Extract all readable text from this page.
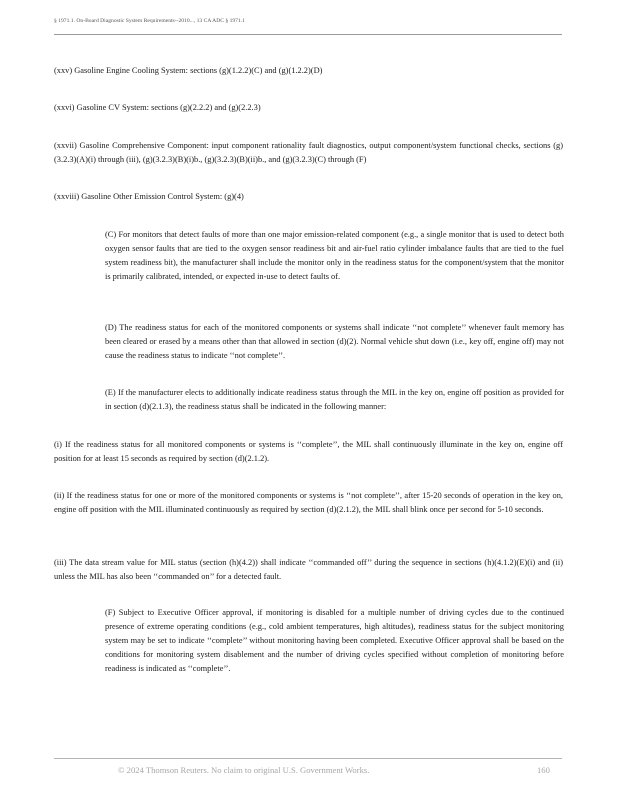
§ 1971.1. On-Board Diagnostic System Requirements--2010..., 13 CA ADC § 1971.1

(xxv) Gasoline Engine Cooling System: sections (g)(1.2.2)(C) and (g)(1.2.2)(D)

(xxvi) Gasoline CV System: sections (g)(2.2.2) and (g)(2.2.3)

(xxvii) Gasoline Comprehensive Component: input component rationality fault diagnostics, output component/system functional checks, sections (g)(3.2.3)(A)(i) through (iii), (g)(3.2.3)(B)(i)b., (g)(3.2.3)(B)(ii)b., and (g)(3.2.3)(C) through (F)

(xxviii) Gasoline Other Emission Control System: (g)(4)

(C) For monitors that detect faults of more than one major emission-related component (e.g., a single monitor that is used to detect both oxygen sensor faults that are tied to the oxygen sensor readiness bit and air-fuel ratio cylinder imbalance faults that are tied to the fuel system readiness bit), the manufacturer shall include the monitor only in the readiness status for the component/system that the monitor is primarily calibrated, intended, or expected in-use to detect faults of.

(D) The readiness status for each of the monitored components or systems shall indicate ‘‘not complete’’ whenever fault memory has been cleared or erased by a means other than that allowed in section (d)(2). Normal vehicle shut down (i.e., key off, engine off) may not cause the readiness status to indicate ‘‘not complete’’.

(E) If the manufacturer elects to additionally indicate readiness status through the MIL in the key on, engine off position as provided for in section (d)(2.1.3), the readiness status shall be indicated in the following manner:

(i) If the readiness status for all monitored components or systems is ‘‘complete’’, the MIL shall continuously illuminate in the key on, engine off position for at least 15 seconds as required by section (d)(2.1.2).

(ii) If the readiness status for one or more of the monitored components or systems is ‘‘not complete’’, after 15-20 seconds of operation in the key on, engine off position with the MIL illuminated continuously as required by section (d)(2.1.2), the MIL shall blink once per second for 5-10 seconds.

(iii) The data stream value for MIL status (section (h)(4.2)) shall indicate ‘‘commanded off’’ during the sequence in sections (h)(4.1.2)(E)(i) and (ii) unless the MIL has also been ‘‘commanded on’’ for a detected fault.

(F) Subject to Executive Officer approval, if monitoring is disabled for a multiple number of driving cycles due to the continued presence of extreme operating conditions (e.g., cold ambient temperatures, high altitudes), readiness status for the subject monitoring system may be set to indicate ‘‘complete’’ without monitoring having been completed. Executive Officer approval shall be based on the conditions for monitoring system disablement and the number of driving cycles specified without completion of monitoring before readiness is indicated as ‘‘complete’’.

© 2024 Thomson Reuters. No claim to original U.S. Government Works.	160
